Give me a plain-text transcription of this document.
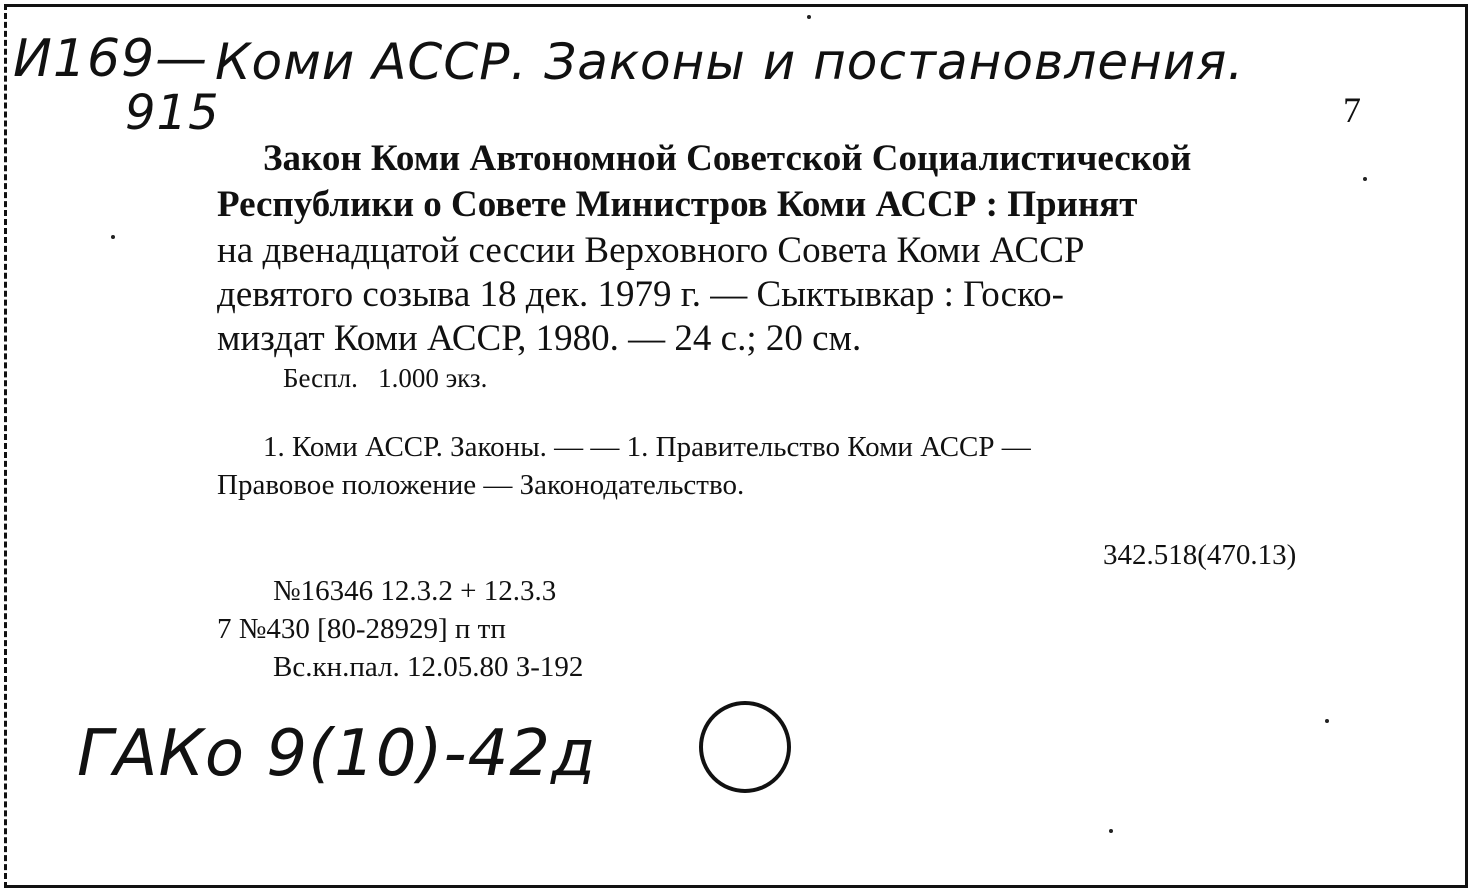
И169—
915
Коми АССР. Законы и постановления.
7
Закон Коми Автономной Советской Социалистической
Республики о Совете Министров Коми АССР : Принят
на двенадцатой сессии Верховного Совета Коми АССР
девятого созыва 18 дек. 1979 г. — Сыктывкар : Госко-
миздат Коми АССР, 1980. — 24 с.; 20 см.
Беспл.   1.000 экз.
1. Коми АССР. Законы. — — 1. Правительство Коми АССР —
Правовое положение — Законодательство.
342.518(470.13)
№16346 12.3.2 + 12.3.3
7 №430 [80-28929] п тп
Вс.кн.пал. 12.05.80 З-192
ГАКо 9(10)-42д
